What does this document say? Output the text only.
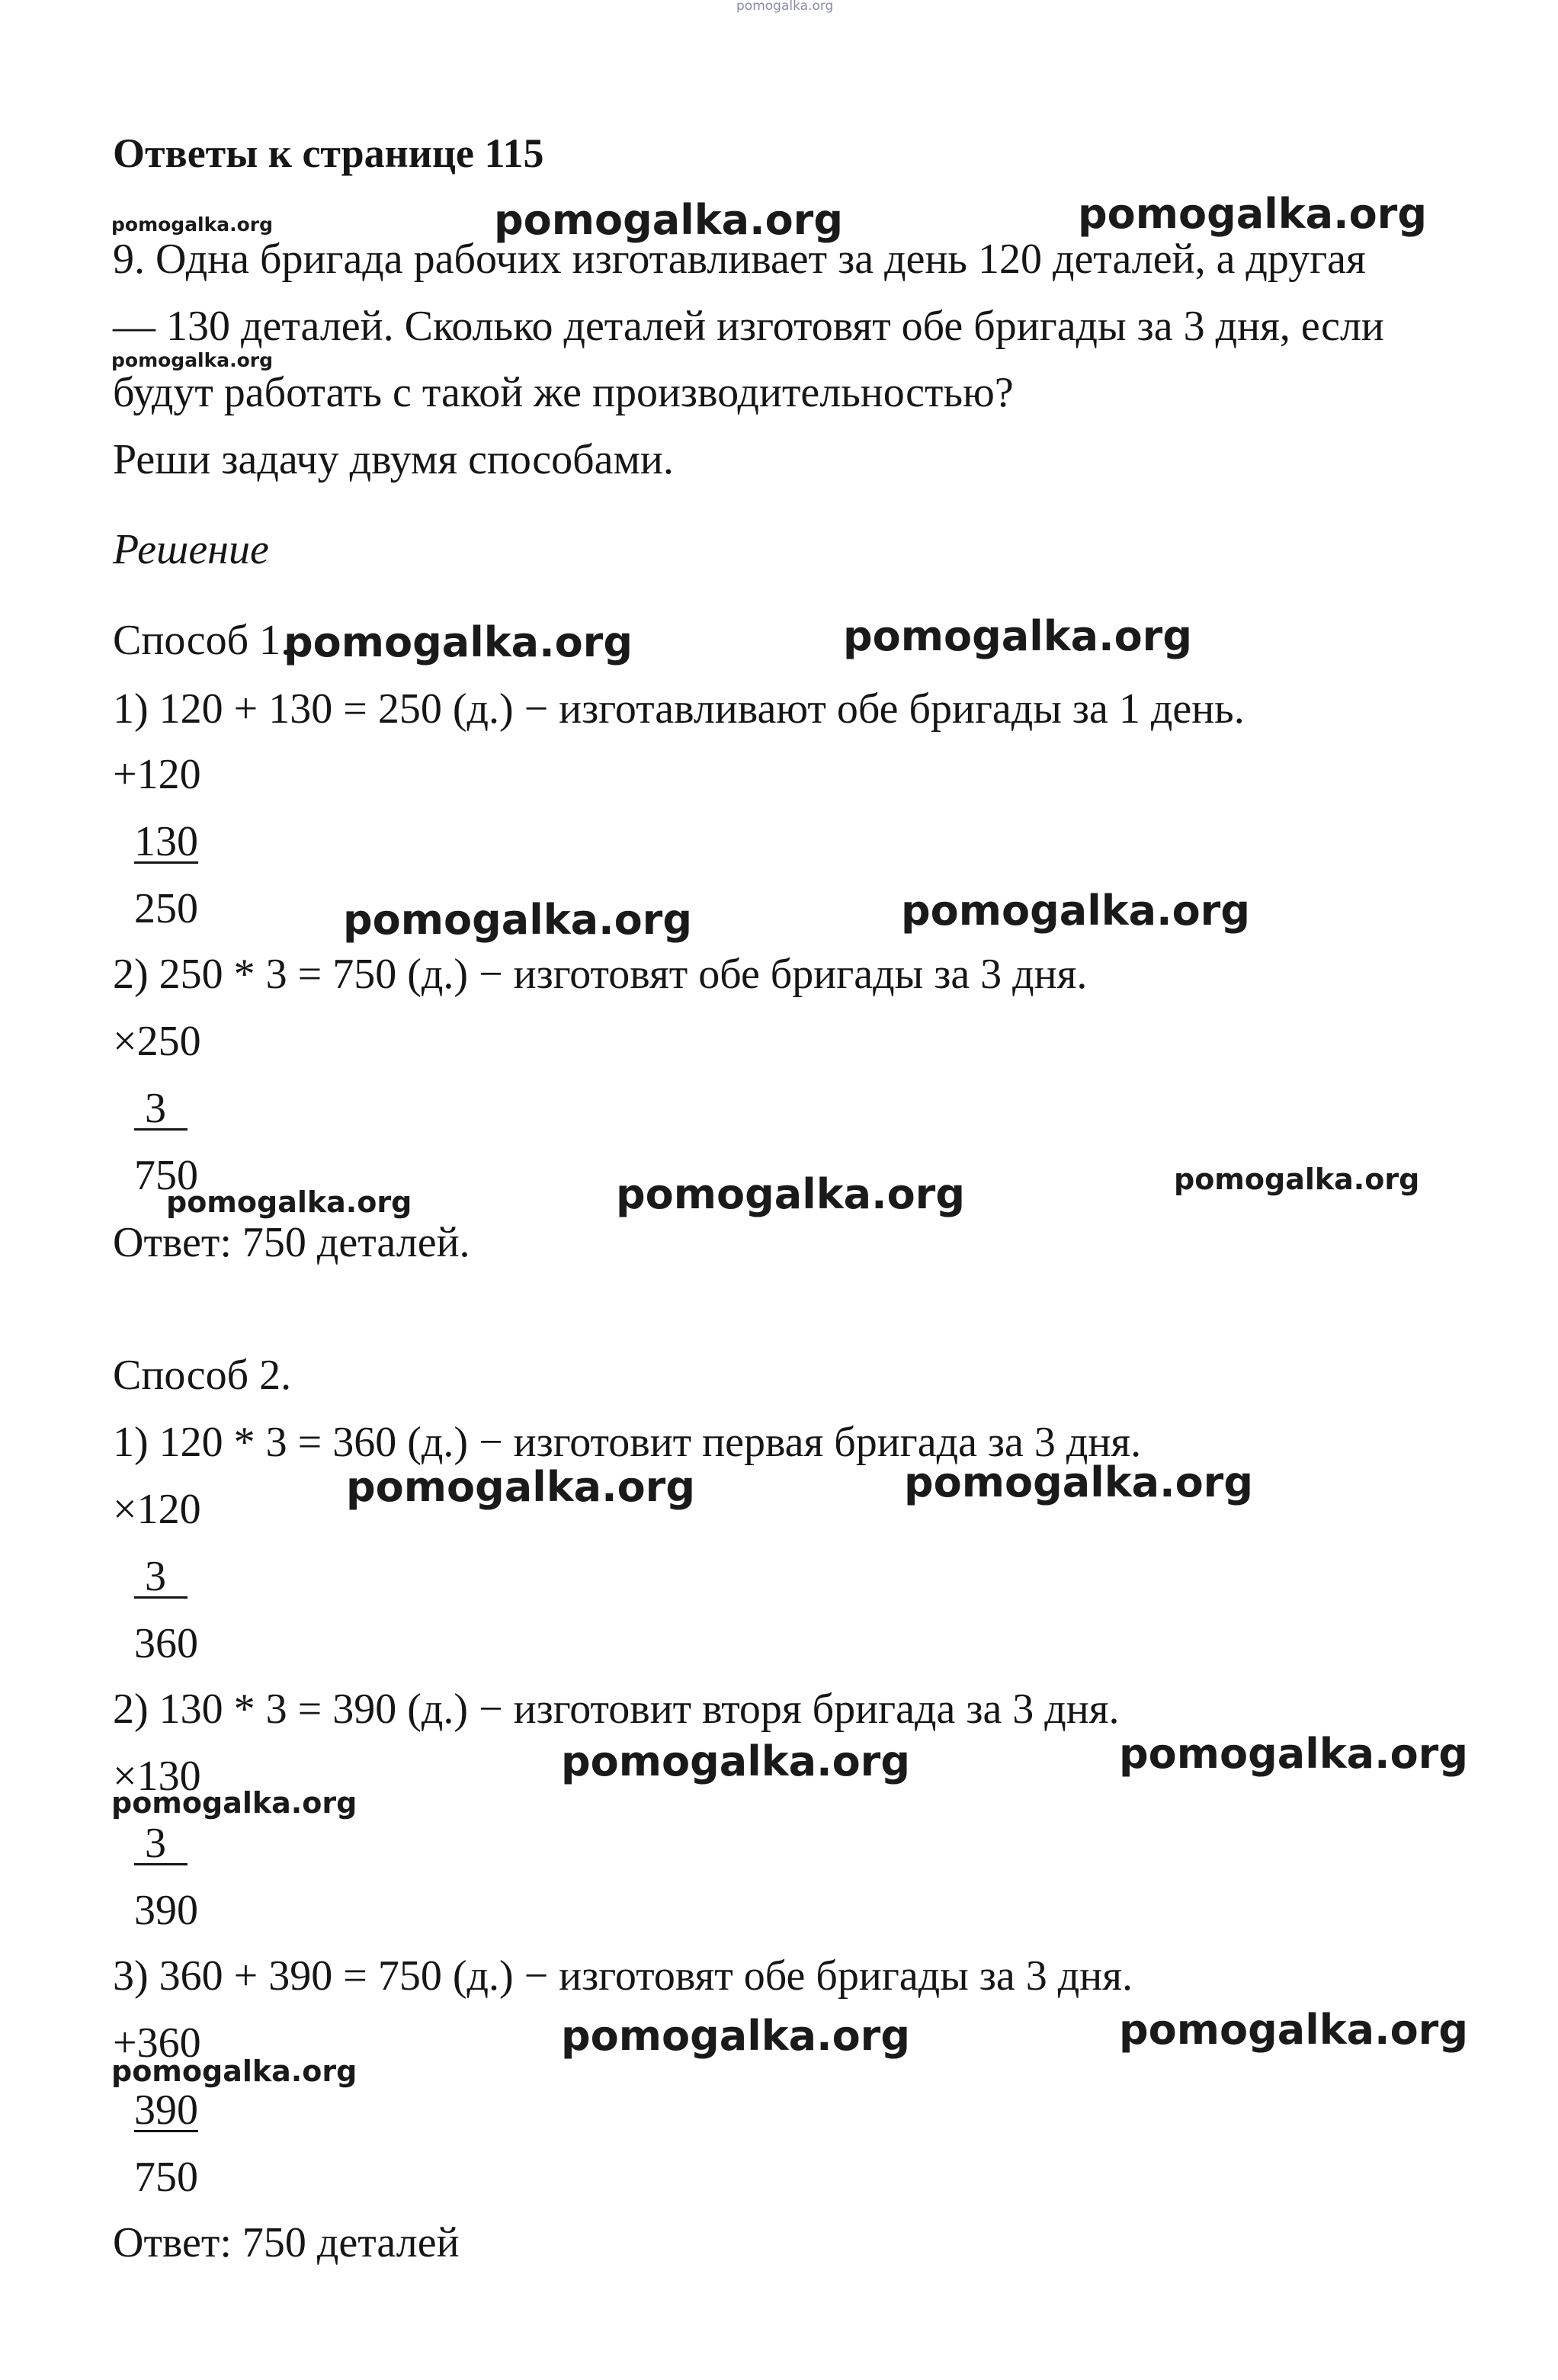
pomogalka.org
Ответы к странице 115
9. Одна бригада рабочих изготавливает за день 120 деталей, а другая
— 130 деталей. Сколько деталей изготовят обе бригады за 3 дня, если
будут работать с такой же производительностью?
Реши задачу двумя способами.
Решение
Способ 1.
1) 120 + 130 = 250 (д.) − изготавливают обе бригады за 1 день.
+120
130
250
2) 250 * 3 = 750 (д.) − изготовят обе бригады за 3 дня.
×250
3
750
Ответ: 750 деталей.
Способ 2.
1) 120 * 3 = 360 (д.) − изготовит первая бригада за 3 дня.
×120
3
360
2) 130 * 3 = 390 (д.) − изготовит вторя бригада за 3 дня.
×130
3
390
3) 360 + 390 = 750 (д.) − изготовят обе бригады за 3 дня.
+360
390
750
Ответ: 750 деталей
pomogalka.org	pomogalka.org	pomogalka.org
pomogalka.org
pomogalka.org	pomogalka.org
pomogalka.org	pomogalka.org
pomogalka.org	pomogalka.org	pomogalka.org
pomogalka.org	pomogalka.org
pomogalka.org	pomogalka.org
pomogalka.org
pomogalka.org	pomogalka.org
pomogalka.org
